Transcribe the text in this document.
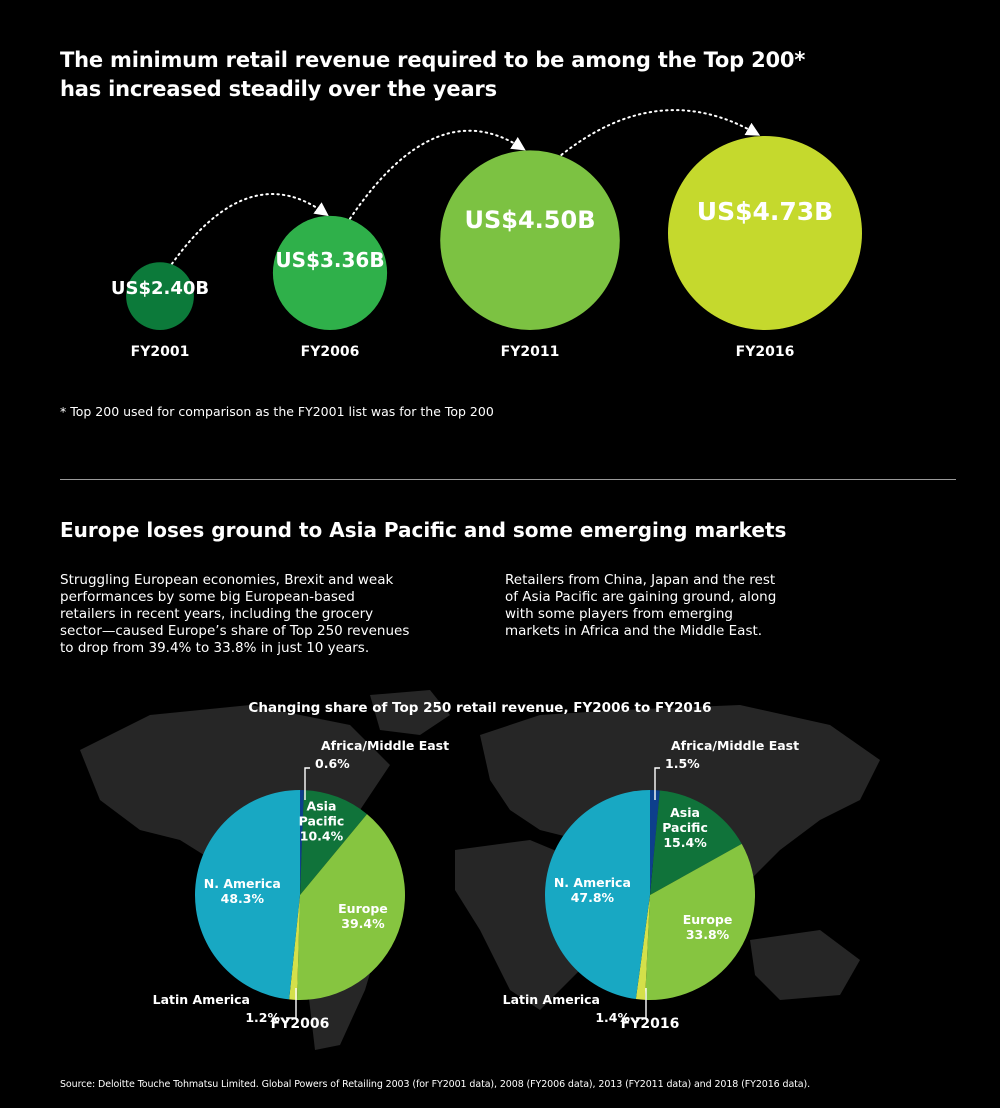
The minimum retail revenue required to be among the Top 200*
has increased steadily over the years
US$2.40B
FY2001
US$3.36B
FY2006
US$4.50B
FY2011
US$4.73B
FY2016
* Top 200 used for comparison as the FY2001 list was for the Top 200
Europe loses ground to Asia Pacific and some emerging markets
Struggling European economies, Brexit and weak
performances by some big European-based
retailers in recent years, including the grocery
sector—caused Europe’s share of Top 250 revenues
to drop from 39.4% to 33.8% in just 10 years.
Retailers from China, Japan and the rest
of Asia Pacific are gaining ground, along
with some players from emerging
markets in Africa and the Middle East.
Changing share of Top 250 retail revenue, FY2006 to FY2016
N. America 48.3%
Europe 39.4%
Asia Pacific 10.4%
Africa/Middle East
0.6%
Latin America
1.2%
N. America 47.8%
Europe 33.8%
Asia Pacific 15.4%
Africa/Middle East
1.5%
Latin America
1.4%
FY2006	FY2016
Source: Deloitte Touche Tohmatsu Limited. Global Powers of Retailing 2003 (for FY2001 data), 2008 (FY2006 data), 2013 (FY2011 data) and 2018 (FY2016 data).
